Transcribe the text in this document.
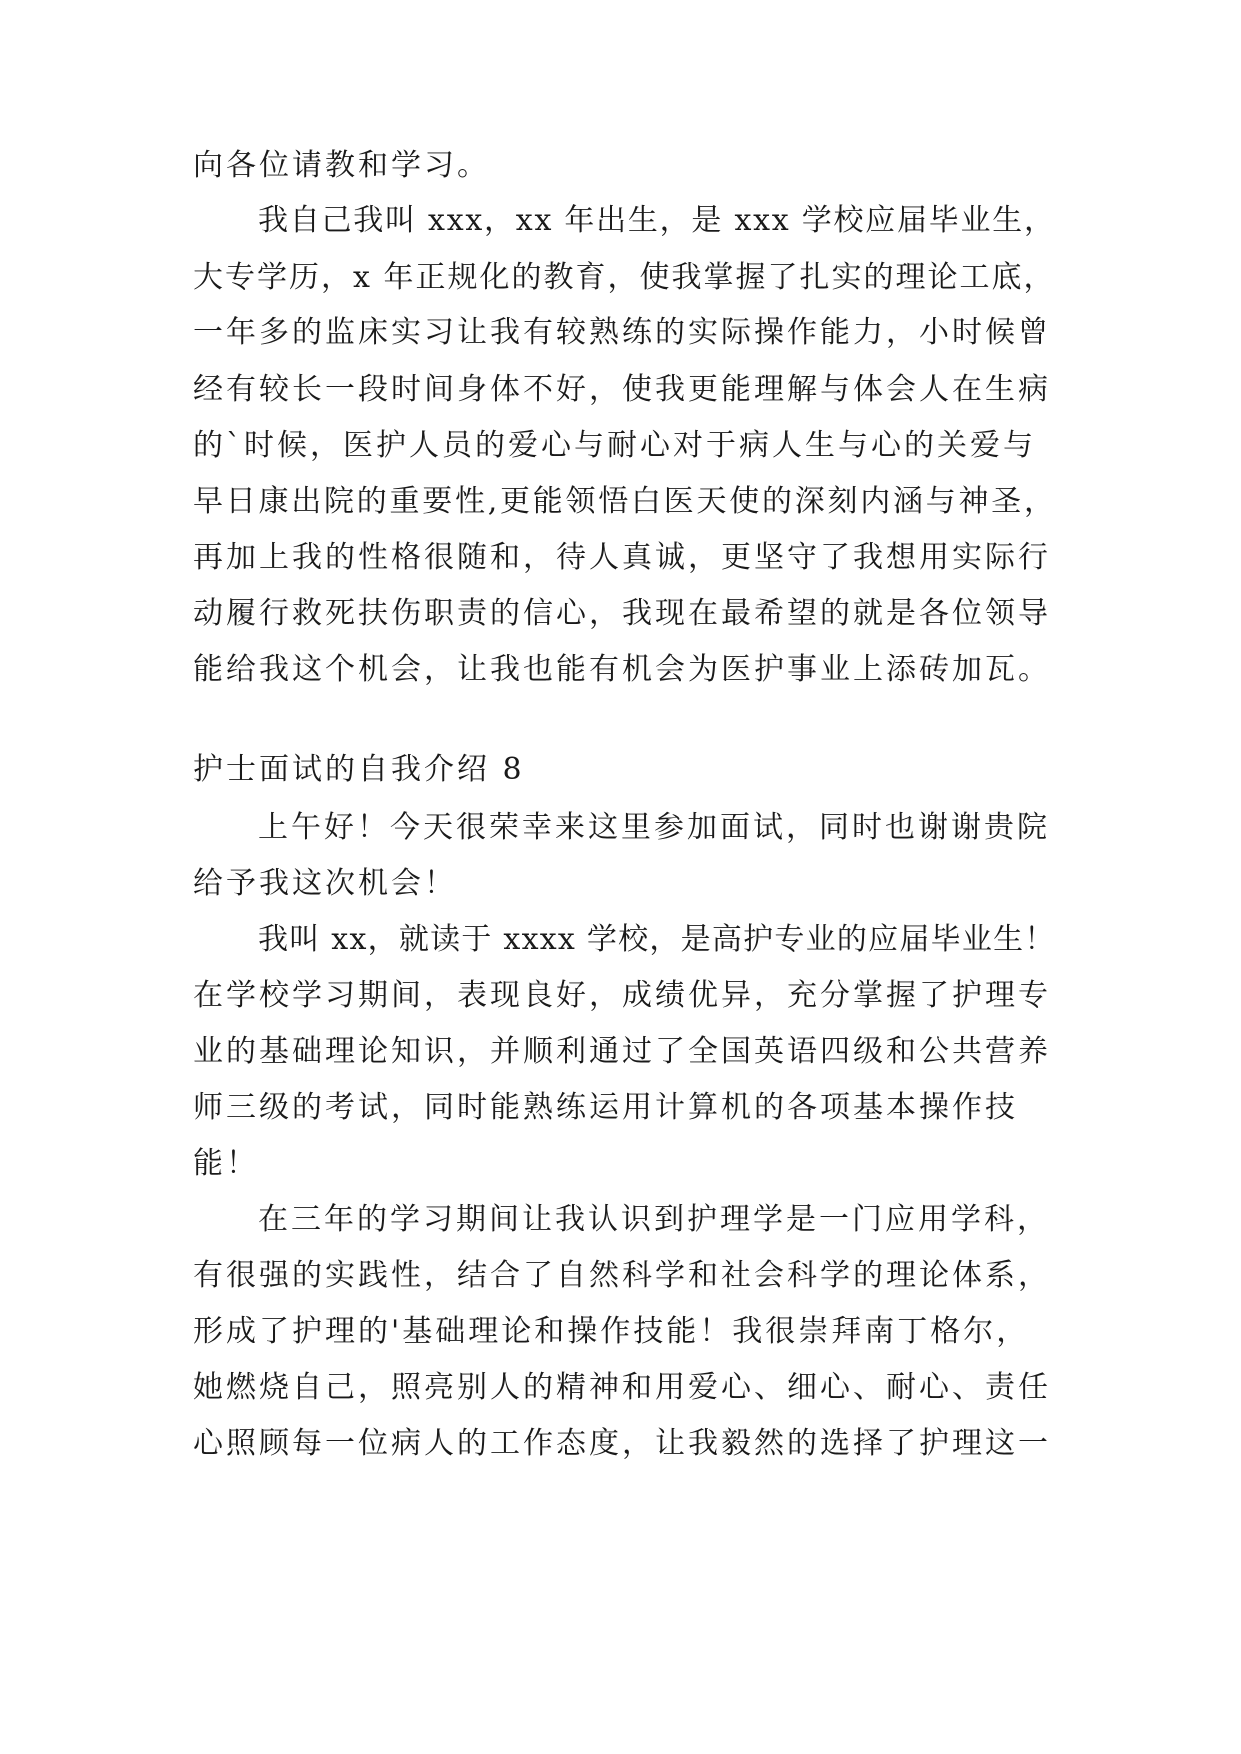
向各位请教和学习。
我自己我叫 xxx，xx 年出生，是 xxx 学校应届毕业生，
大专学历，x 年正规化的教育，使我掌握了扎实的理论工底，
一年多的监床实习让我有较熟练的实际操作能力，小时候曾
经有较长一段时间身体不好，使我更能理解与体会人在生病
的`时候，医护人员的爱心与耐心对于病人生与心的关爱与
早日康出院的重要性,更能领悟白医天使的深刻内涵与神圣，
再加上我的性格很随和，待人真诚，更坚守了我想用实际行
动履行救死扶伤职责的信心，我现在最希望的就是各位领导
能给我这个机会，让我也能有机会为医护事业上添砖加瓦。
护士面试的自我介绍 8
上午好！今天很荣幸来这里参加面试，同时也谢谢贵院
给予我这次机会！
我叫 xx，就读于 xxxx 学校，是高护专业的应届毕业生！
在学校学习期间，表现良好，成绩优异，充分掌握了护理专
业的基础理论知识，并顺利通过了全国英语四级和公共营养
师三级的考试，同时能熟练运用计算机的各项基本操作技
能！
在三年的学习期间让我认识到护理学是一门应用学科，
有很强的实践性，结合了自然科学和社会科学的理论体系，
形成了护理的'基础理论和操作技能！我很崇拜南丁格尔，
她燃烧自己，照亮别人的精神和用爱心、细心、耐心、责任
心照顾每一位病人的工作态度，让我毅然的选择了护理这一
